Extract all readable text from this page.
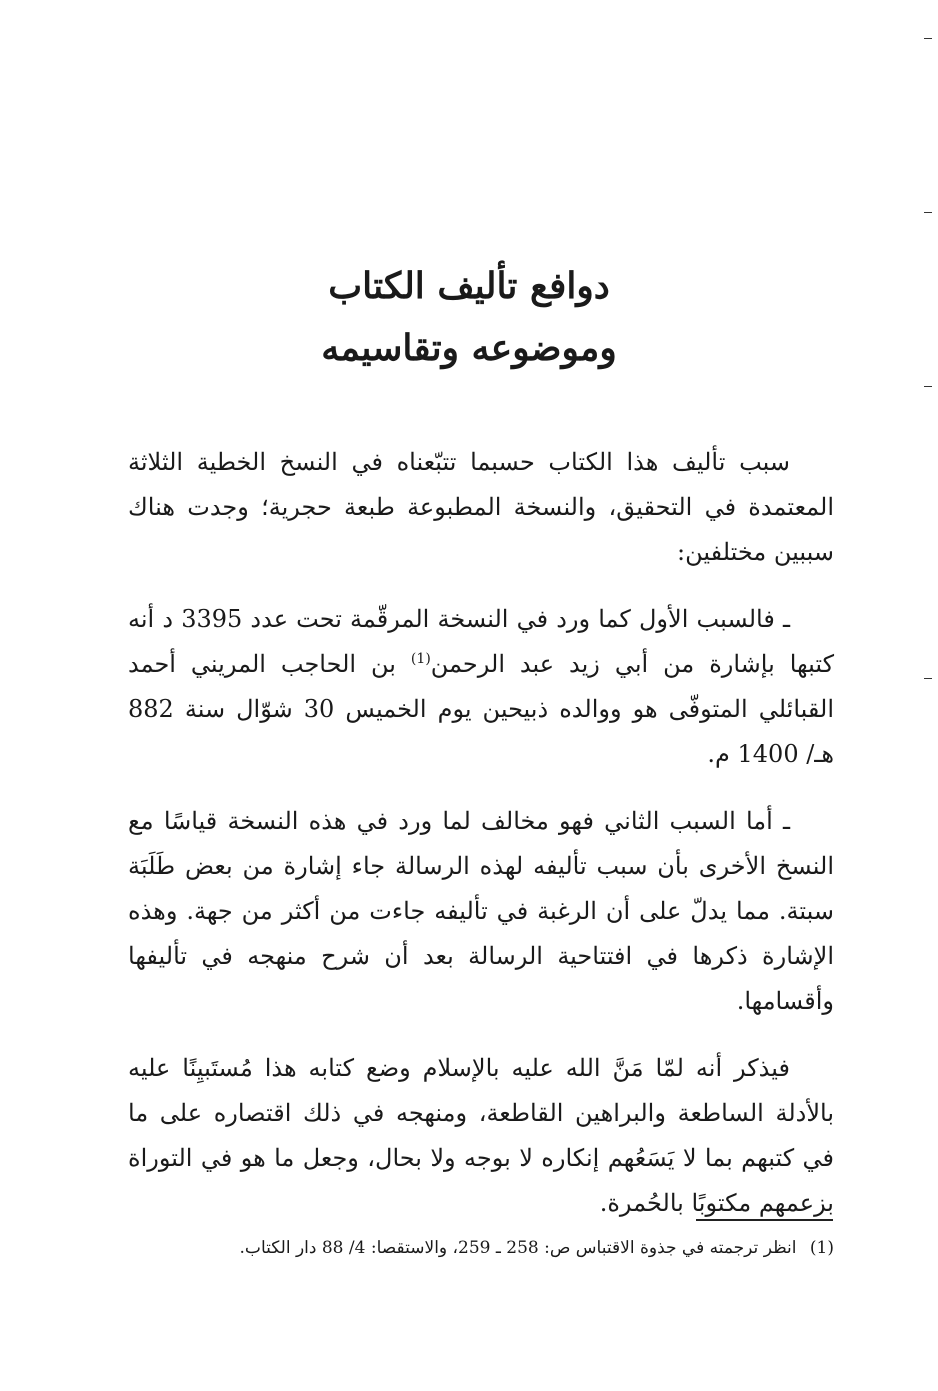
دوافع تأليف الكتاب

وموضوعه وتقاسيمه

سبب تأليف هذا الكتاب حسبما تتبّعناه في النسخ الخطية الثلاثة المعتمدة في التحقيق، والنسخة المطبوعة طبعة حجرية؛ وجدت هناك سببين مختلفين:

ـ فالسبب الأول كما ورد في النسخة المرقّمة تحت عدد 3395 د أنه كتبها بإشارة من أبي زيد عبد الرحمن$^{(1)}$ بن الحاجب المريني أحمد القبائلي المتوفّى هو ووالده ذبيحين يوم الخميس 30 شوّال سنة 882 هـ/ 1400 م.

ـ أما السبب الثاني فهو مخالف لما ورد في هذه النسخة قياسًا مع النسخ الأخرى بأن سبب تأليفه لهذه الرسالة جاء إشارة من بعض طَلَبَة سبتة. مما يدلّ على أن الرغبة في تأليفه جاءت من أكثر من جهة. وهذه الإشارة ذكرها في افتتاحية الرسالة بعد أن شرح منهجه في تأليفها وأقسامها.

فيذكر أنه لمّا مَنَّ الله عليه بالإسلام وضع كتابه هذا مُستَبيِنًا عليه بالأدلة الساطعة والبراهين القاطعة، ومنهجه في ذلك اقتصاره على ما في كتبهم بما لا يَسَعُهم إنكاره لا بوجه ولا بحال، وجعل ما هو في التوراة بزعمهم مكتوبًا بالحُمرة.

(1) انظر ترجمته في جذوة الاقتباس ص: 258 ـ 259، والاستقصا: 4/ 88 دار الكتاب.
